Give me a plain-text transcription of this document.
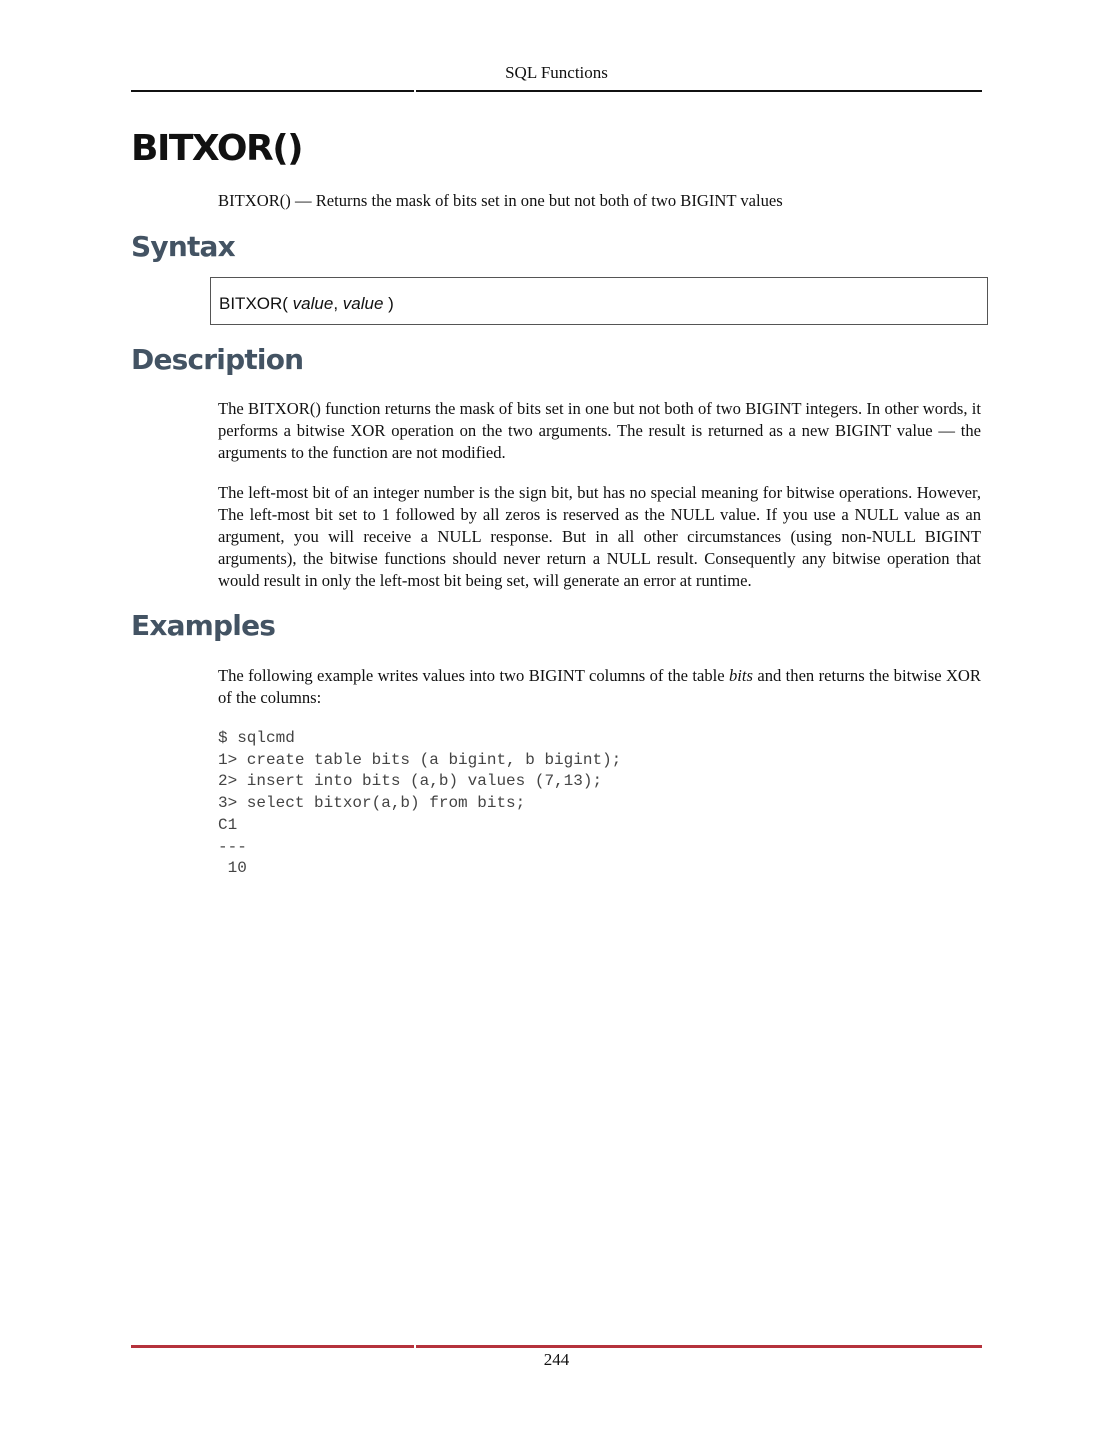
SQL Functions
BITXOR()

BITXOR() — Returns the mask of bits set in one but not both of two BIGINT values

Syntax
BITXOR( value, value )
Description

The BITXOR() function returns the mask of bits set in one but not both of two BIGINT integers. In other words, it performs a bitwise XOR operation on the two arguments. The result is returned as a new BIGINT value — the arguments to the function are not modified.

The left-most bit of an integer number is the sign bit, but has no special meaning for bitwise operations. However, The left-most bit set to 1 followed by all zeros is reserved as the NULL value. If you use a NULL value as an argument, you will receive a NULL response. But in all other circumstances (using non-NULL BIGINT arguments), the bitwise functions should never return a NULL result. Consequently any bitwise operation that would result in only the left-most bit being set, will generate an error at runtime.

Examples

The following example writes values into two BIGINT columns of the table bits and then returns the bitwise XOR of the columns:

$ sqlcmd
1> create table bits (a bigint, b bigint);
2> insert into bits (a,b) values (7,13);
3> select bitxor(a,b) from bits;
C1
---
10
244
